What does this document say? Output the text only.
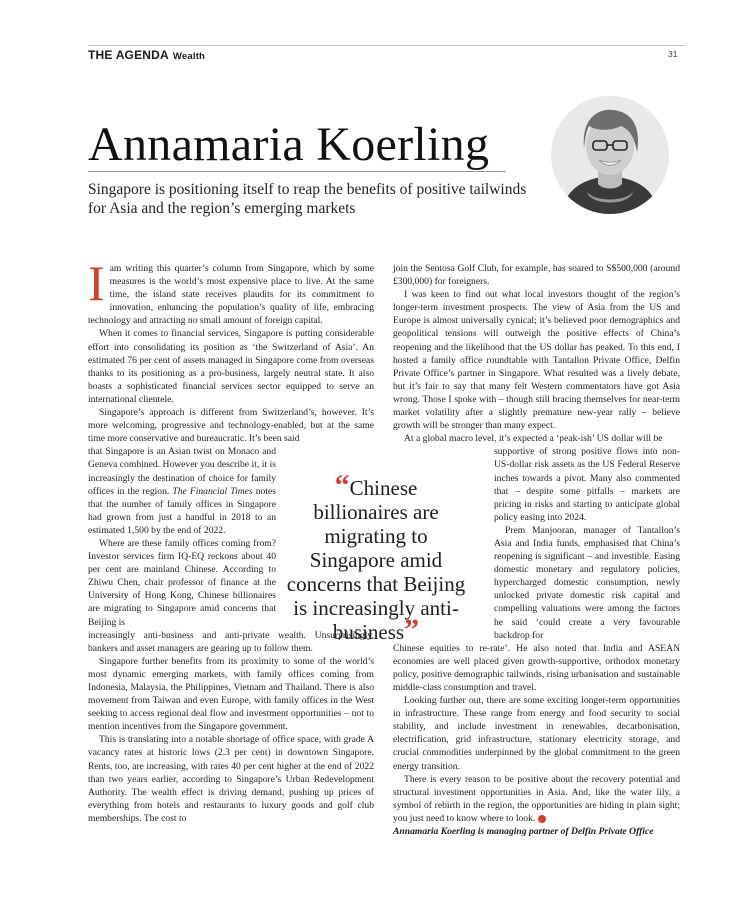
THE AGENDA Wealth	31
Annamaria Koerling

Singapore is positioning itself to reap the benefits of positive tailwinds for Asia and the region’s emerging markets

Iam writing this quarter’s column from Singapore, which by some measures is the world’s most expensive place to live. At the same time, the island state receives plaudits for its commitment to innovation, enhancing the population’s quality of life, embracing technology and attracting no small amount of foreign capital.

When it comes to financial services, Singapore is putting considerable effort into consolidating its position as ‘the Switzerland of Asia’. An estimated 76 per cent of assets managed in Singapore come from overseas thanks to its positioning as a pro-business, largely neutral state. It also boasts a sophisticated financial services sector equipped to serve an international clientele.

Singapore’s approach is different from Switzerland’s, however. It’s more welcoming, progressive and technology-enabled, but at the same time more conservative and bureaucratic. It’s been said

that Singapore is an Asian twist on Monaco and Geneva combined. However you describe it, it is increasingly the destination of choice for family offices in the region. The Financial Times notes that the number of family offices in Singapore had grown from just a handful in 2018 to an estimated 1,500 by the end of 2022.

Where are these family offices coming from? Investor services firm IQ-EQ reckons about 40 per cent are mainland Chinese. According to Zhiwu Chen, chair professor of finance at the University of Hong Kong, Chinese billionaires are migrating to Singapore amid concerns that Beijing is

increasingly anti-business and anti-private wealth. Unsurprisingly, bankers and asset managers are gearing up to follow them.

Singapore further benefits from its proximity to some of the world’s most dynamic emerging markets, with family offices coming from Indonesia, Malaysia, the Philippines, Vietnam and Thailand. There is also movement from Taiwan and even Europe, with family offices in the West seeking to access regional deal flow and investment opportunities – not to mention incentives from the Singapore government.

This is translating into a notable shortage of office space, with grade A vacancy rates at historic lows (2.3 per cent) in downtown Singapore. Rents, too, are increasing, with rates 40 per cent higher at the end of 2022 than two years earlier, according to Singapore’s Urban Redevelopment Authority. The wealth effect is driving demand, pushing up prices of everything from hotels and restaurants to luxury goods and golf club memberships. The cost to

“Chinese billionaires are migrating to Singapore amid concerns that Beijing is increasingly anti-business”

join the Sentosa Golf Club, for example, has soared to S$500,000 (around £300,000) for foreigners.

I was keen to find out what local investors thought of the region’s longer-term investment prospects. The view of Asia from the US and Europe is almost universally cynical; it’s believed poor demographics and geopolitical tensions will outweigh the positive effects of China’s reopening and the likelihood that the US dollar has peaked. To this end, I hosted a family office roundtable with Tantallon Private Office, Delfin Private Office’s partner in Singapore. What resulted was a lively debate, but it’s fair to say that many felt Western commentators have got Asia wrong. Those I spoke with – though still bracing themselves for near-term market volatility after a slightly premature new-year rally – believe growth will be stronger than many expect.

At a global macro level, it’s expected a ‘peak-ish’ US dollar will be

supportive of strong positive flows into non-US-dollar risk assets as the US Federal Reserve inches towards a pivot. Many also commented that – despite some pitfalls – markets are pricing in risks and starting to anticipate global policy easing into 2024.

Prem Manjooran, manager of Tantallon’s Asia and India funds, emphasised that China’s reopening is significant – and investible. Easing domestic monetary and regulatory policies, hypercharged domestic consumption, newly unlocked private domestic risk capital and compelling valuations were among the factors he said ‘could create a very favourable backdrop for

Chinese equities to re-rate’. He also noted that India and ASEAN economies are well placed given growth-supportive, orthodox monetary policy, positive demographic tailwinds, rising urbanisation and sustainable middle-class consumption and travel.

Looking further out, there are some exciting longer-term opportunities in infrastructure. These range from energy and food security to social stability, and include investment in renewables, decarbonisation, electrification, grid infrastructure, stationary electricity storage, and crucial commodities underpinned by the global commitment to the green energy transition.

There is every reason to be positive about the recovery potential and structural investment opportunities in Asia. And, like the water lily, a symbol of rebirth in the region, the opportunities are hiding in plain sight; you just need to know where to look.

Annamaria Koerling is managing partner of Delfin Private Office
